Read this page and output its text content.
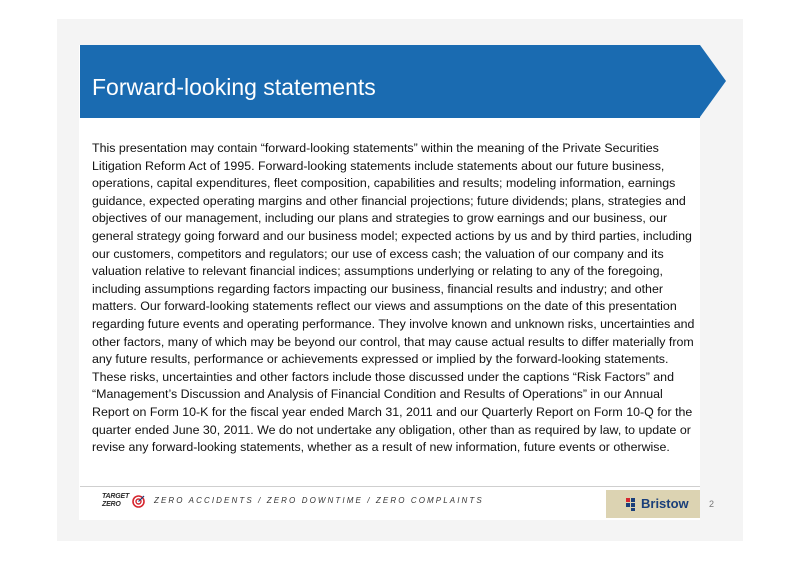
Forward-looking statements

This presentation may contain “forward-looking statements” within the meaning of the Private Securities Litigation Reform Act of 1995. Forward-looking statements include statements about our future business, operations, capital expenditures, fleet composition, capabilities and results; modeling information, earnings guidance, expected operating margins and other financial projections; future dividends; plans, strategies and objectives of our management, including our plans and strategies to grow earnings and our business, our general strategy going forward and our business model; expected actions by us and by third parties, including our customers, competitors and regulators; our use of excess cash; the valuation of our company and its valuation relative to relevant financial indices; assumptions underlying or relating to any of the foregoing, including assumptions regarding factors impacting our business, financial results and industry; and other matters. Our forward-looking statements reflect our views and assumptions on the date of this presentation regarding future events and operating performance. They involve known and unknown risks, uncertainties and other factors, many of which may be beyond our control, that may cause actual results to differ materially from any future results, performance or achievements expressed or implied by the forward-looking statements. These risks, uncertainties and other factors include those discussed under the captions “Risk Factors” and “Management’s Discussion and Analysis of Financial Condition and Results of Operations” in our Annual Report on Form 10-K for the fiscal year ended March 31, 2011 and our Quarterly Report on Form 10-Q for the quarter ended June 30, 2011. We do not undertake any obligation, other than as required by law, to update or revise any forward-looking statements, whether as a result of new information, future events or otherwise.

TARGET
ZERO	ZERO ACCIDENTS / ZERO DOWNTIME / ZERO COMPLAINTS	Bristow 2
